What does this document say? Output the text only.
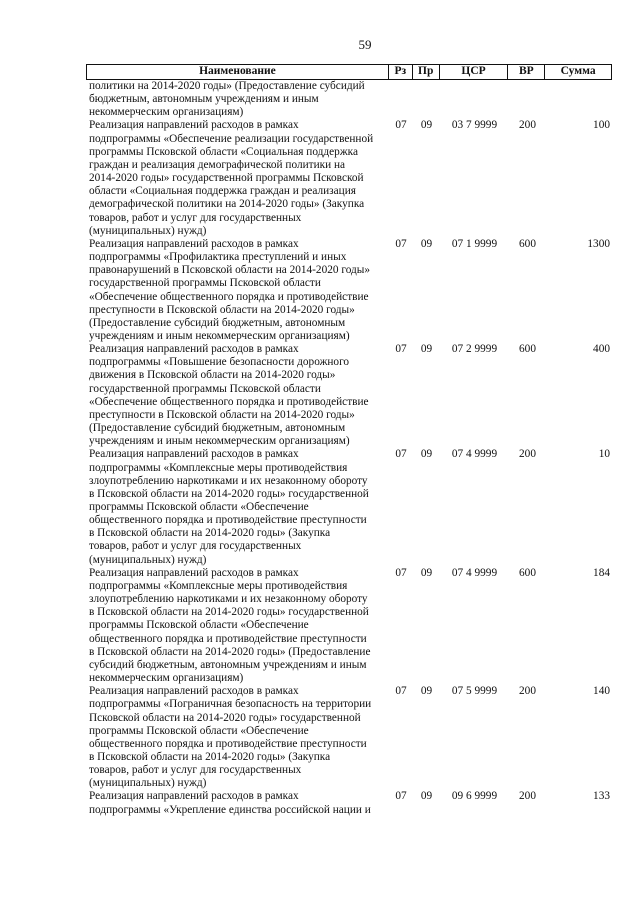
59
Наименование	Рз	Пр	ЦСР	ВР	Сумма
политики на 2014-2020 годы» (Предоставление субсидий
бюджетным, автономным учреждениям и иным
некоммерческим организациям)
Реализация направлений расходов в рамках
подпрограммы «Обеспечение реализации государственной
программы Псковской области «Социальная поддержка
граждан и реализация демографической политики на
2014-2020 годы» государственной программы Псковской
области «Социальная поддержка граждан и реализация
демографической политики на 2014-2020 годы» (Закупка
товаров, работ и услуг для государственных
(муниципальных) нужд)
07	09	03 7 9999	200	100
Реализация направлений расходов в рамках
подпрограммы «Профилактика преступлений и иных
правонарушений в Псковской области на 2014-2020 годы»
государственной программы Псковской области
«Обеспечение общественного порядка и противодействие
преступности в Псковской области на 2014-2020 годы»
(Предоставление субсидий бюджетным, автономным
учреждениям и иным некоммерческим организациям)
07	09	07 1 9999	600	1300
Реализация направлений расходов в рамках
подпрограммы «Повышение безопасности дорожного
движения в Псковской области на 2014-2020 годы»
государственной программы Псковской области
«Обеспечение общественного порядка и противодействие
преступности в Псковской области на 2014-2020 годы»
(Предоставление субсидий бюджетным, автономным
учреждениям и иным некоммерческим организациям)
07	09	07 2 9999	600	400
Реализация направлений расходов в рамках
подпрограммы «Комплексные меры противодействия
злоупотреблению наркотиками и их незаконному обороту
в Псковской области на 2014-2020 годы» государственной
программы Псковской области «Обеспечение
общественного порядка и противодействие преступности
в Псковской области на 2014-2020 годы» (Закупка
товаров, работ и услуг для государственных
(муниципальных) нужд)
07	09	07 4 9999	200	10
Реализация направлений расходов в рамках
подпрограммы «Комплексные меры противодействия
злоупотреблению наркотиками и их незаконному обороту
в Псковской области на 2014-2020 годы» государственной
программы Псковской области «Обеспечение
общественного порядка и противодействие преступности
в Псковской области на 2014-2020 годы» (Предоставление
субсидий бюджетным, автономным учреждениям и иным
некоммерческим организациям)
07	09	07 4 9999	600	184
Реализация направлений расходов в рамках
подпрограммы «Пограничная безопасность на территории
Псковской области на 2014-2020 годы» государственной
программы Псковской области «Обеспечение
общественного порядка и противодействие преступности
в Псковской области на 2014-2020 годы» (Закупка
товаров, работ и услуг для государственных
(муниципальных) нужд)
07	09	07 5 9999	200	140
Реализация направлений расходов в рамках
подпрограммы «Укрепление единства российской нации и
07	09	09 6 9999	200	133
